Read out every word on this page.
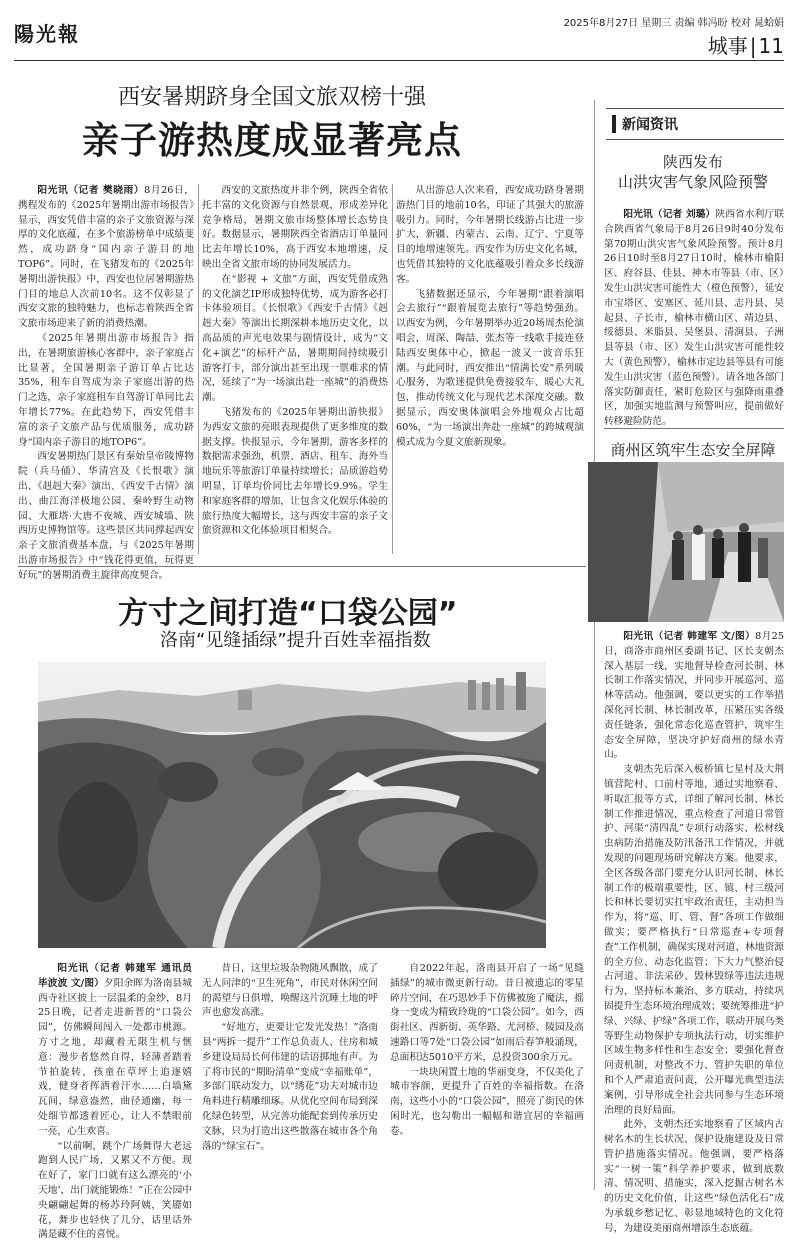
陽光報	2025年8月27日 星期三 责编 韩冯盼 校对 晁蛤娟
城事 | 11
西安暑期跻身全国文旅双榜十强
亲子游热度成显著亮点

阳光讯（记者 樊晓雨）8月26日，携程发布的《2025年暑期出游市场报告》显示，西安凭借丰富的亲子文旅资源与深厚的文化底蕴，在多个旅游榜单中成绩斐然，成功跻身“国内亲子游目的地TOP6”。同时，在飞猪发布的《2025年暑期出游快报》中，西安也位居暑期游热门目的地总人次前10名。这不仅彰显了西安文旅的独特魅力，也标志着陕西全省文旅市场迎来了新的消费热潮。

《2025年暑期出游市场报告》指出，在暑期旅游核心客群中，亲子家庭占比显著，全国暑期亲子游订单占比达35%，租车自驾成为亲子家庭出游的热门之选，亲子家庭租车自驾游订单同比去年增长77%。在此趋势下，西安凭借丰富的亲子文旅产品与优质服务，成功跻身“国内亲子游目的地TOP6”。

西安暑期热门景区有秦始皇帝陵博物院（兵马俑）、华清宫及《长恨歌》演出、《赳赳大秦》演出、《西安千古情》演出、曲江海洋极地公园、秦岭野生动物园、大雁塔·大唐不夜城、西安城墙、陕西历史博物馆等。这些景区共同撑起西安亲子文旅消费基本盘，与《2025年暑期出游市场报告》中“钱花得更值，玩得更好玩”的暑期消费主旋律高度契合。

西安的文旅热度并非个例，陕西全省依托丰富的文化资源与自然景观，形成差异化竞争格局，暑期文旅市场整体增长态势良好。数据显示，暑期陕西全省酒店订单量同比去年增长10%，高于西安本地增速，反映出全省文旅市场的协同发展活力。

在“影视 + 文旅”方面，西安凭借成熟的文化演艺IP形成独特优势，成为游客必打卡体验项目。《长恨歌》《西安千古情》《赳赳大秦》等演出长期深耕本地历史文化，以高品质的声光电效果与剧情设计，成为“文化+演艺”的标杆产品，暑期期间持续吸引游客打卡，部分演出甚至出现一票难求的情况，延续了“为一场演出赴一座城”的消费热潮。

飞猪发布的《2025年暑期出游快报》为西安文旅的亮眼表现提供了更多维度的数据支撑。快报显示，今年暑期，游客多样的数据需求强劲，机票、酒店、租车、海外当地玩乐等旅游订单量持续增长；品质游趋势明显，订单均价同比去年增长9.9%。学生和家庭客群的增加，让包含文化娱乐体验的旅行热度大幅增长，这与西安丰富的亲子文旅资源和文化体验项目相契合。

从出游总人次来看，西安成功跻身暑期游热门目的地前10名，印证了其强大的旅游吸引力。同时，今年暑期长线游占比进一步扩大，新疆、内蒙古、云南、辽宁、宁夏等目的地增速领先。西安作为历史文化名城，也凭借其独特的文化底蕴吸引着众多长线游客。

飞猪数据还显示，今年暑期“跟着演唱会去旅行”“跟着展览去旅行”等趋势强劲。以西安为例，今年暑期举办近20场周杰伦演唱会，周深、陶喆、张杰等一线歌手接连登陆西安奥体中心，掀起一波又一波音乐狂潮。与此同时，西安推出“情满长安”系列暖心服务，为歌迷提供免费接驳车、暖心大礼包，推动传统文化与现代艺术深度交融。数据显示，西安奥体演唱会外地观众占比超60%，“为一场演出奔赴一座城”的跨城观演模式成为今夏文旅新现象。

方寸之间打造“口袋公园”
洛南“见缝插绿”提升百姓幸福指数

阳光讯（记者 韩建军 通讯员 毕波波 文/图）夕阳余晖为洛南县城西寺社区披上一层温柔的金纱，8月25日晚，记者走进新晋的“口袋公园”，仿佛瞬间闯入一处都市桃源。方寸之地，却藏着无限生机与惬意：漫步者悠然自得，轻薄者踏着节拍旋转，孩童在草坪上追逐嬉戏，健身者挥洒着汗水……白墙黛瓦间，绿意盎然，曲径通幽，每一处细节都透着匠心，让人不禁眼前一亮，心生欢喜。

“以前啊，跳个广场舞得大老远跑到人民广场，又累又不方便。现在好了，家门口就有这么漂亮的‘小天地’，出门就能锻炼！”正在公园中央翩翩起舞的杨苏玲阿姨，笑靥如花，舞步也轻快了几分，话里话外满是藏不住的喜悦。

昔日，这里垃圾杂物随风飘散，成了无人问津的“卫生死角”，市民对休闲空间的渴望与日俱增，唤醒这片沉睡土地的呼声也愈发高涨。

“好地方，更要让它发光发热！”洛南县“两拆一提升”工作总负责人、住房和城乡建设局局长何伟建的话语掷地有声。为了将市民的“期盼清单”变成“幸福账单”，多部门联动发力，以“绣花”功夫对城市边角料进行精雕细琢。从优化空间布局到深化绿色转型，从完善功能配套到传承历史文脉，只为打造出这些散落在城市各个角落的“绿宝石”。

自2022年起，洛南县开启了一场“见缝插绿”的城市微更新行动。昔日被遗忘的零星碎片空间，在巧思妙手下仿佛被施了魔法，摇身一变成为精致玲珑的“口袋公园”。如今，西街社区、西新街、英华路、尤河桥、陵园及高速路口等7处“口袋公园”如雨后春笋般涌现，总面积达5010平方米，总投资300余万元。

一块块闲置土地的华丽变身，不仅美化了城市容颜，更提升了百姓的幸福指数。在洛南，这些小小的“口袋公园”，照亮了街民的休闲时光，也勾勒出一幅幅和谐宜居的幸福画卷。

新闻资讯
陕西发布
山洪灾害气象风险预警

阳光讯（记者 刘璐）陕西省水利厅联合陕西省气象局于8月26日9时40分发布第70期山洪灾害气象风险预警。预计8月26日10时至8月27日10时，榆林市榆阳区、府谷县、佳县、神木市等县（市、区）发生山洪灾害可能性大（橙色预警），延安市宝塔区、安塞区、延川县、志丹县、吴起县、子长市，榆林市横山区、靖边县、绥德县、米脂县、吴堡县、清涧县、子洲县等县（市、区）发生山洪灾害可能性较大（黄色预警），榆林市定边县等县有可能发生山洪灾害（蓝色预警）。请各地各部门落实防御责任，紧盯危险区与强降雨重叠区，加强实地监测与预警叫应，提前做好转移避险防范。

商州区筑牢生态安全屏障

阳光讯（记者 韩建军 文/图）8月25日，商洛市商州区委副书记、区长支朝杰深入基层一线，实地督导检查河长制、林长制工作落实情况，并同步开展巡河、巡林等活动。他强调，要以更实的工作举措深化河长制、林长制改革，压紧压实各级责任链条，强化常态化巡查管护，筑牢生态安全屏障，坚决守护好商州的绿水青山。

支朝杰先后深入板桥镇七星村及大荆镇营陀村、口前村等地，通过实地察看、听取汇报等方式，详细了解河长制、林长制工作推进情况，重点检查了河道日常管护、河渠“清四乱”专项行动落实、松材线虫病防治措施及防汛备汛工作情况，并就发现的问题现场研究解决方案。他要求，全区各级各部门要充分认识河长制、林长制工作的极端重要性，区、镇、村三级河长和林长要切实扛牢政治责任，主动担当作为，将“巡、盯、管、督”各项工作做细做实；要严格执行“日常巡查+专项督查”工作机制，确保实现对河道、林地资源的全方位、动态化监管；下大力气整治侵占河道、非法采砂、毁林毁绿等违法违规行为，坚持标本兼治、多方联动，持续巩固提升生态环境治理成效；要统筹推进“护绿、兴绿、护绿”各项工作，联动开展乌类等野生动物保护专项执法行动，切实维护区域生物多样性和生态安全；要强化督查问责机制，对整改不力、管护失职的单位和个人严肃追责问责，公开曝光典型违法案例，引导形成全社会共同参与生态环境治理的良好局面。

此外，支朝杰还实地察看了区域内古树名木的生长状况、保护设施建设及日常管护措施落实情况。他强调，要严格落实“一树一策”科学养护要求，做到底数清、情况明、措施实，深入挖掘古树名木的历史文化价值，让这些“绿色活化石”成为承载乡愁记忆、彰显地域特色的文化符号，为建设美丽商州增添生态底蕴。
